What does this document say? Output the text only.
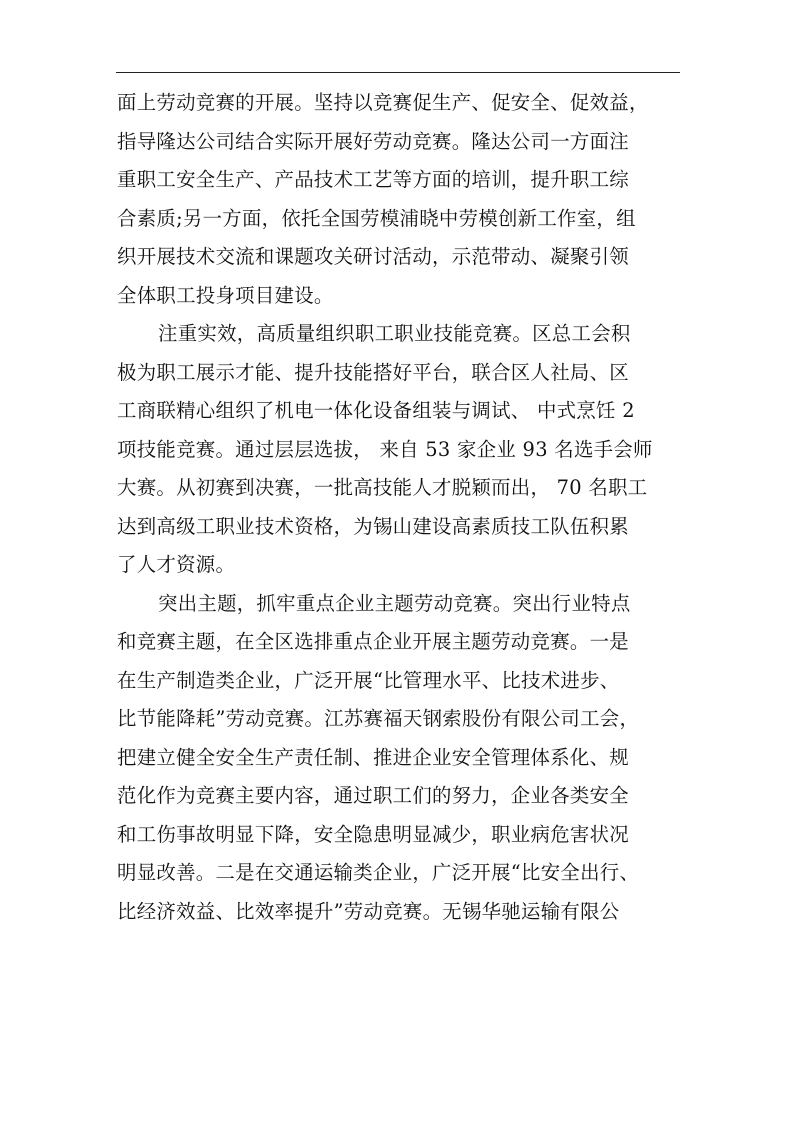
面上劳动竞赛的开展。坚持以竞赛促生产、促安全、促效益，
指导隆达公司结合实际开展好劳动竞赛。隆达公司一方面注
重职工安全生产、产品技术工艺等方面的培训，提升职工综
合素质;另一方面，依托全国劳模浦晓中劳模创新工作室，组
织开展技术交流和课题攻关研讨活动，示范带动、凝聚引领
全体职工投身项目建设。
注重实效，高质量组织职工职业技能竞赛。区总工会积
极为职工展示才能、提升技能搭好平台，联合区人社局、区
工商联精心组织了机电一体化设备组装与调试、 中式烹饪 2
项技能竞赛。通过层层选拔， 来自 53 家企业 93 名选手会师
大赛。从初赛到决赛，一批高技能人才脱颖而出， 70 名职工
达到高级工职业技术资格，为锡山建设高素质技工队伍积累
了人才资源。
突出主题，抓牢重点企业主题劳动竞赛。突出行业特点
和竞赛主题，在全区选排重点企业开展主题劳动竞赛。一是
在生产制造类企业，广泛开展“比管理水平、比技术进步、
比节能降耗”劳动竞赛。江苏赛福天钢索股份有限公司工会，
把建立健全安全生产责任制、推进企业安全管理体系化、规
范化作为竞赛主要内容，通过职工们的努力，企业各类安全
和工伤事故明显下降，安全隐患明显减少，职业病危害状况
明显改善。二是在交通运输类企业，广泛开展“比安全出行、
比经济效益、比效率提升”劳动竞赛。无锡华驰运输有限公
